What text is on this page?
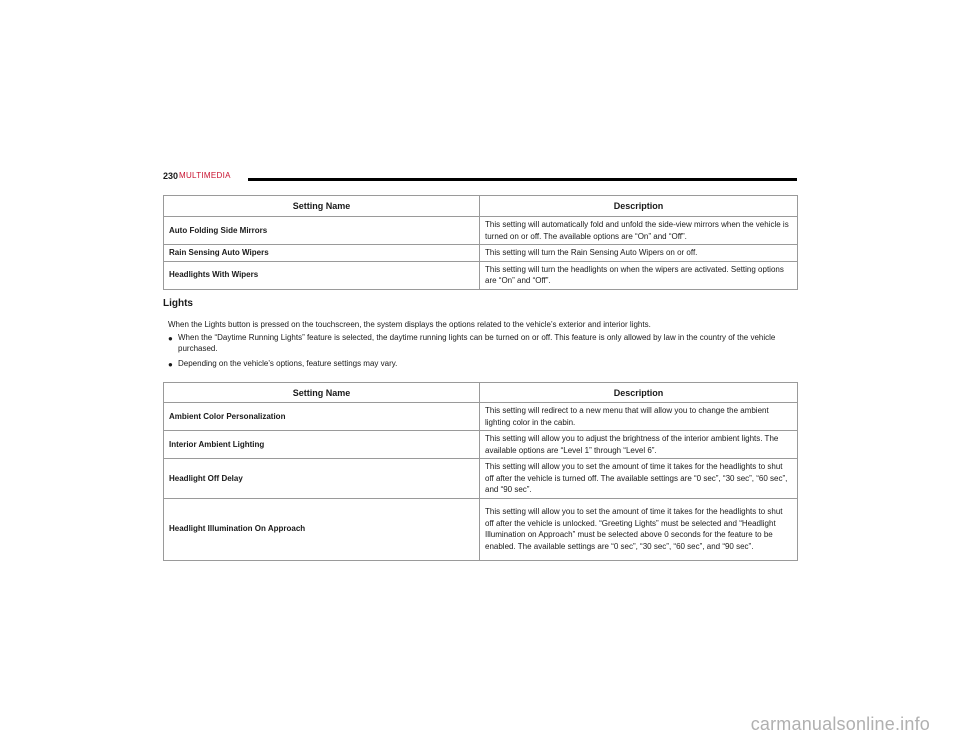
230 MULTIMEDIA
Setting Name	Description
Auto Folding Side Mirrors	This setting will automatically fold and unfold the side-view mirrors when the vehicle is turned on or off. The available options are “On” and “Off”.
Rain Sensing Auto Wipers	This setting will turn the Rain Sensing Auto Wipers on or off.
Headlights With Wipers	This setting will turn the headlights on when the wipers are activated. Setting options are “On” and “Off”.
Lights

When the Lights button is pressed on the touchscreen, the system displays the options related to the vehicle’s exterior and interior lights.

● When the “Daytime Running Lights” feature is selected, the daytime running lights can be turned on or off. This feature is only allowed by law in the country of the vehicle purchased.
● Depending on the vehicle’s options, feature settings may vary.
Setting Name	Description
Ambient Color Personalization	This setting will redirect to a new menu that will allow you to change the ambient lighting color in the cabin.
Interior Ambient Lighting	This setting will allow you to adjust the brightness of the interior ambient lights. The available options are “Level 1” through “Level 6”.
Headlight Off Delay	This setting will allow you to set the amount of time it takes for the headlights to shut off after the vehicle is turned off. The available settings are “0 sec”, “30 sec”, “60 sec”, and “90 sec”.
Headlight Illumination On Approach	This setting will allow you to set the amount of time it takes for the headlights to shut off after the vehicle is unlocked. “Greeting Lights” must be selected and “Headlight Illumination on Approach” must be selected above 0 seconds for the feature to be enabled. The available settings are “0 sec”, “30 sec”, “60 sec”, and “90 sec”.
carmanualsonline.info
